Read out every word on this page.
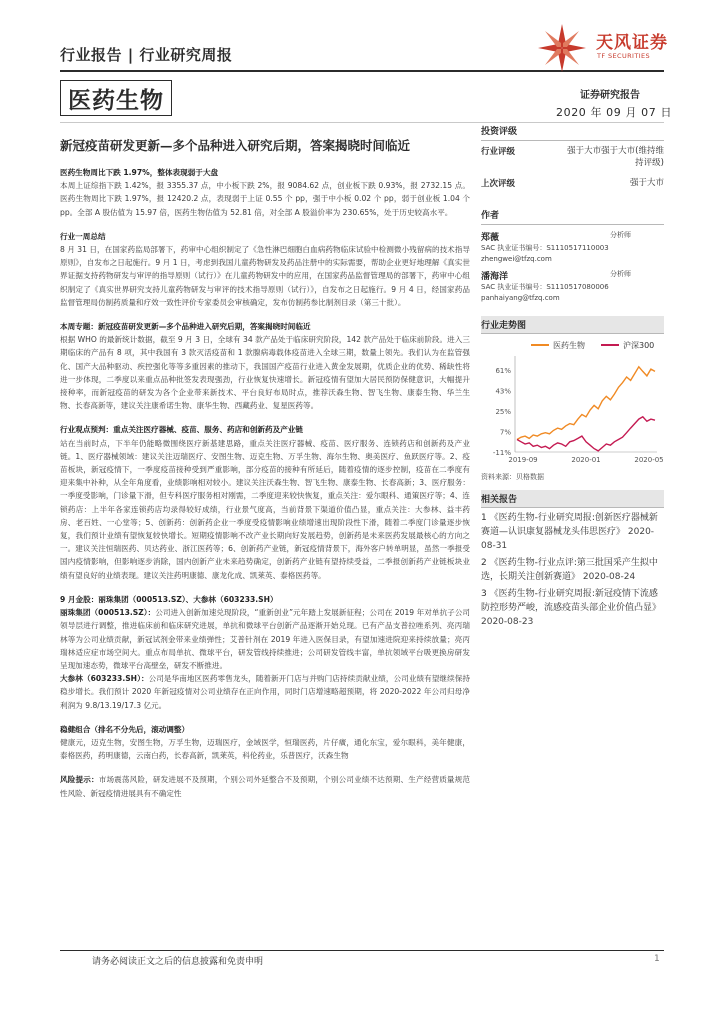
行业报告 | 行业研究周报
天风证券
TF SECURITIES
医药生物	证券研究报告
2020 年 09 月 07 日
新冠疫苗研发更新—多个品种进入研究后期，答案揭晓时间临近
医药生物周比下跌 1.97%，整体表现弱于大盘
本周上证综指下跌 1.42%，报 3355.37 点，中小板下跌 2%，报 9084.62 点，创业板下跌 0.93%，报 2732.15 点。医药生物周比下跌 1.97%，报 12420.2 点，表现弱于上证 0.55 个 pp，强于中小板 0.02 个 pp，弱于创业板 1.04 个 pp。全部 A 股估值为 15.97 倍，医药生物估值为 52.81 倍，对全部 A 股溢价率为 230.65%，处于历史较高水平。
行业一周总结
8 月 31 日，在国家药监局部署下，药审中心组织制定了《急性淋巴细胞白血病药物临床试验中检测微小残留病的技术指导原则》，自发布之日起施行。9 月 1 日，考虑到我国儿童药物研发及药品注册中的实际需要，帮助企业更好地理解《真实世界证据支持药物研发与审评的指导原则（试行）》在儿童药物研发中的应用，在国家药品监督管理局的部署下，药审中心组织制定了《真实世界研究支持儿童药物研发与审评的技术指导原则（试行）》，自发布之日起施行。9 月 4 日，经国家药品监督管理局仿制药质量和疗效一致性评价专家委员会审核确定，发布仿制药参比制剂目录（第三十批）。
本周专题：新冠疫苗研发更新—多个品种进入研究后期，答案揭晓时间临近
根据 WHO 的最新统计数据，截至 9 月 3 日，全球有 34 款产品处于临床研究阶段，142 款产品处于临床前阶段。进入三期临床的产品有 8 项，其中我国有 3 款灭活疫苗和 1 款腺病毒载体疫苗进入全球三期，数量上领先。我们认为在监管强化、国产大品种驱动、疾控强化等等多重因素的推动下，我国国产疫苗行业进入黄金发展期，优质企业的优势、稀缺性将进一步体现，二季度以来重点品种批签发表现强劲，行业恢复快速增长。新冠疫情有望加大居民预防保健意识，大幅提升接种率，而新冠疫苗的研发为各个企业带来新技术、平台良好布局时点，推荐沃森生物、智飞生物、康泰生物、华兰生物、长春高新等，建议关注康希诺生物、康华生物、西藏药业、复星医药等。
行业观点预判：重点关注医疗器械、疫苗、服务、药店和创新药及产业链
站在当前时点，下半年仍能略微围绕医疗新基建思路，重点关注医疗器械、疫苗、医疗服务、连锁药店和创新药及产业链。1、医疗器械领域：建议关注迈瑞医疗、安图生物、迈克生物、万孚生物、海尔生物、奥美医疗、鱼跃医疗等。2、疫苗板块，新冠疫情下，一季度疫苗接种受到严重影响，部分疫苗的接种有所延后，随着疫情的逐步控制，疫苗在二季度有迎来集中补种，从全年角度看，业绩影响相对较小。建议关注沃森生物、智飞生物、康泰生物、长春高新；3、医疗服务：一季度受影响，门诊量下滑，但专科医疗服务相对刚需，二季度迎来较快恢复，重点关注：爱尔眼科、通策医疗等；4、连锁药店：上半年各家连锁药店均录得较好成绩，行业景气度高，当前背景下渠道价值凸显，重点关注：大参林、益丰药房、老百姓、一心堂等；5、创新药：创新药企业一季度受疫情影响业绩增速出现阶段性下滑，随着二季度门诊量逐步恢复，我们预计业绩有望恢复较快增长。短期疫情影响不改产业长期向好发展趋势，创新药是未来医药发展最核心的方向之一。建议关注恒瑞医药、贝达药业、浙江医药等；6、创新药产业链，新冠疫情背景下，海外客户转单明显，虽然一季报受国内疫情影响，但影响逐步消除，国内创新产业未来趋势确定，创新药产业链有望持续受益，二季报创新药产业链板块业绩有望良好的业绩表现。建议关注药明康德、康龙化成、凯莱英、泰格医药等。
9 月金股：丽珠集团（000513.SZ）、大参林（603233.SH）
丽珠集团（000513.SZ）：公司进入创新加速兑现阶段，“重新创业”元年踏上发展新征程；公司在 2019 年对单抗子公司领导层进行调整，推进临床前和临床研究进展，单抗和微球平台创新产品逐渐开始兑现。已有产品支普拉唑系列、亮丙瑞林等为公司业绩贡献，新冠试剂金带来业绩弹性；艾普针剂在 2019 年进入医保目录，有望加速进院迎来持续放量；亮丙瑞林适应症市场空间大。重点布局单抗、微球平台，研发管线持续推进；公司研发管线丰富，单抗领域平台吸更换房研发呈现加速态势，微球平台高壁垒，研发不断推进。
大参林（603233.SH）：公司是华南地区医药零售龙头，随着新开门店与并购门店持续贡献业绩，公司业绩有望继续保持稳步增长。我们预计 2020 年新冠疫情对公司业绩存在正向作用，同时门店增速略超预期，将 2020-2022 年公司归母净利润为 9.8/13.19/17.3 亿元。
稳健组合（排名不分先后，滚动调整）
健康元，迈克生物，安图生物，万孚生物，迈瑞医疗，金域医学，恒瑞医药，片仔癀，通化东宝，爱尔眼科，美年健康，泰格医药，药明康德，云南白药，长春高新，凯莱英，科伦药业，乐普医疗，沃森生物
风险提示：市场震荡风险，研发进展不及预期，个别公司外延整合不及预期，个别公司业绩不达预期、生产经营质量规范性风险、新冠疫情进展具有不确定性
投资评级
行业评级	强于大市强于大市(维持维持评级)
上次评级	强于大市
作者
郑薇	分析师
SAC 执业证书编号：S1110517110003
zhengwei@tfzq.com
潘海洋	分析师
SAC 执业证书编号：S1110517080006
panhaiyang@tfzq.com
行业走势图
医药生物	沪深300
61%
43%
25%
7%
-11%
2019-09	2020-01	2020-05
资料来源：贝格数据
相关报告
1 《医药生物-行业研究周报:创新医疗器械新赛道—认识康复器械龙头伟思医疗》 2020-08-31
2 《医药生物-行业点评:第三批国采产生拟中选，长期关注创新赛道》 2020-08-24
3 《医药生物-行业研究周报:新冠疫情下流感防控形势严峻，流感疫苗头部企业价值凸显》 2020-08-23
请务必阅读正文之后的信息披露和免责申明	1
